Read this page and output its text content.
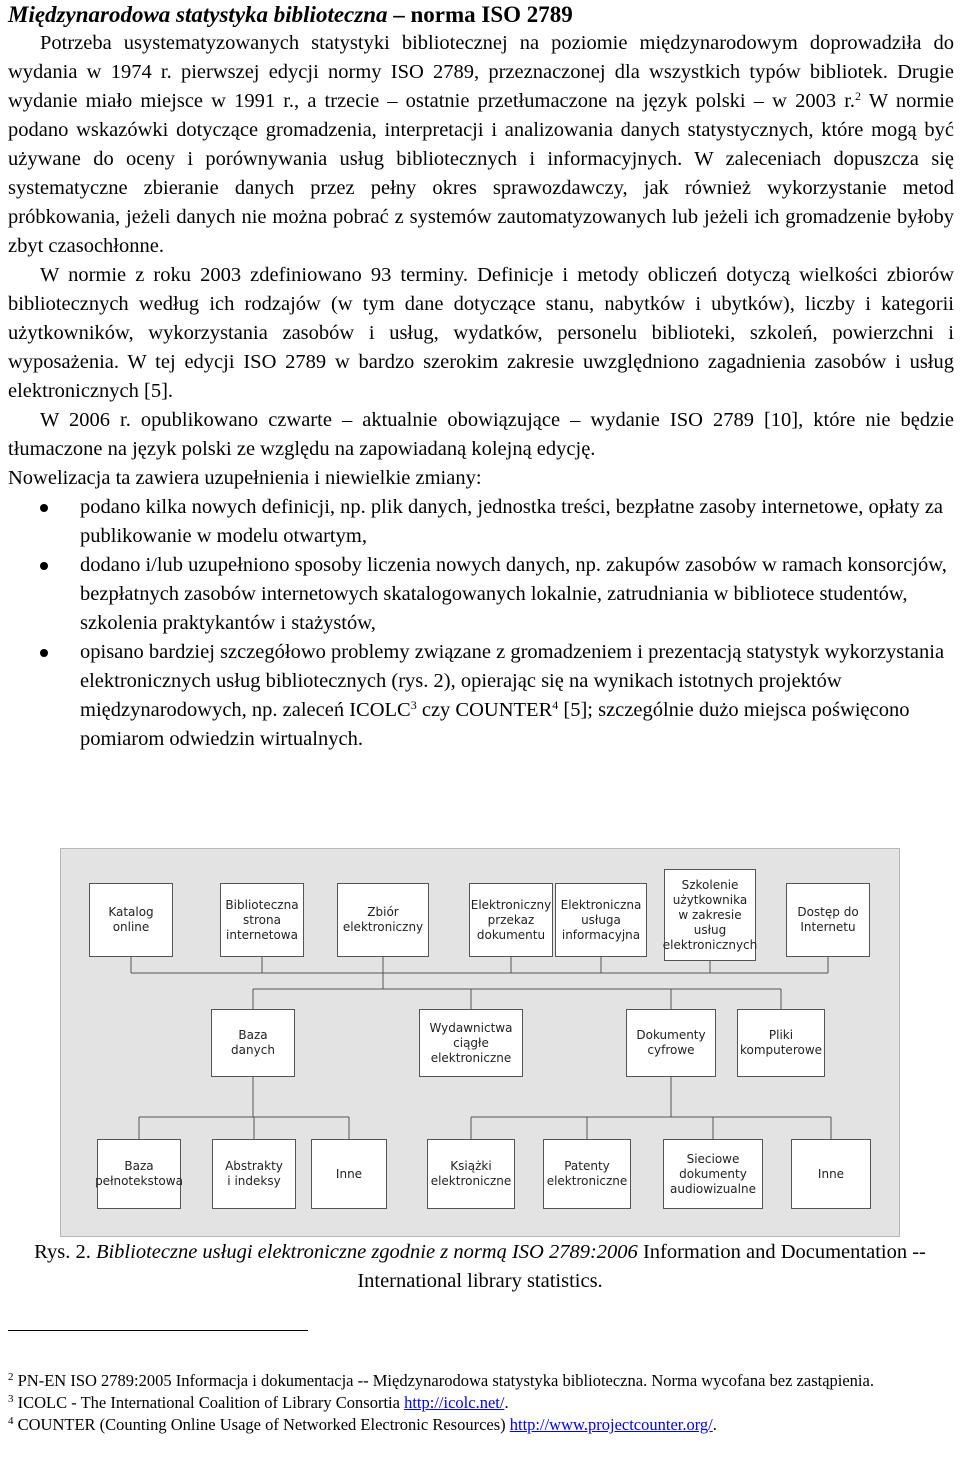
Międzynarodowa statystyka biblioteczna – norma ISO 2789

Potrzeba usystematyzowanych statystyki bibliotecznej na poziomie międzynarodowym doprowadziła do wydania w 1974 r. pierwszej edycji normy ISO 2789, przeznaczonej dla wszystkich typów bibliotek. Drugie wydanie miało miejsce w 1991 r., a trzecie – ostatnie przetłumaczone na język polski – w 2003 r.$^2$ W normie podano wskazówki dotyczące gromadzenia, interpretacji i analizowania danych statystycznych, które mogą być używane do oceny i porównywania usług bibliotecznych i informacyjnych. W zaleceniach dopuszcza się systematyczne zbieranie danych przez pełny okres sprawozdawczy, jak również wykorzystanie metod próbkowania, jeżeli danych nie można pobrać z systemów zautomatyzowanych lub jeżeli ich gromadzenie byłoby zbyt czasochłonne.

W normie z roku 2003 zdefiniowano 93 terminy. Definicje i metody obliczeń dotyczą wielkości zbiorów bibliotecznych według ich rodzajów (w tym dane dotyczące stanu, nabytków i ubytków), liczby i kategorii użytkowników, wykorzystania zasobów i usług, wydatków, personelu biblioteki, szkoleń, powierzchni i wyposażenia. W tej edycji ISO 2789 w bardzo szerokim zakresie uwzględniono zagadnienia zasobów i usług elektronicznych [5].

W 2006 r. opublikowano czwarte – aktualnie obowiązujące – wydanie ISO 2789 [10], które nie będzie tłumaczone na język polski ze względu na zapowiadaną kolejną edycję.

Nowelizacja ta zawiera uzupełnienia i niewielkie zmiany:

podano kilka nowych definicji, np. plik danych, jednostka treści, bezpłatne zasoby internetowe, opłaty za publikowanie w modelu otwartym,
dodano i/lub uzupełniono sposoby liczenia nowych danych, np. zakupów zasobów w ramach konsorcjów, bezpłatnych zasobów internetowych skatalogowanych lokalnie, zatrudniania w bibliotece studentów, szkolenia praktykantów i stażystów,
opisano bardziej szczegółowo problemy związane z gromadzeniem i prezentacją statystyk wykorzystania elektronicznych usług bibliotecznych (rys. 2), opierając się na wynikach istotnych projektów międzynarodowych, np. zaleceń ICOLC$^3$ czy COUNTER$^4$ [5]; szczególnie dużo miejsca poświęcono pomiarom odwiedzin wirtualnych.
Katalog online
Biblioteczna
strona
internetowa
Zbiór
elektroniczny
Elektroniczny
przekaz
dokumentu
Elektroniczna
usługa
informacyjna
Szkolenie
użytkownika
w zakresie
usług
elektronicznych
Dostęp do
Internetu
Baza
danych
Wydawnictwa
ciągłe
elektroniczne
Dokumenty
cyfrowe
Pliki
komputerowe
Baza
pełnotekstowa
Abstrakty
i indeksy
Inne
Książki
elektroniczne
Patenty
elektroniczne
Sieciowe
dokumenty
audiowizualne
Inne
Rys. 2. Biblioteczne usługi elektroniczne zgodnie z normą ISO 2789:2006 Information and Documentation -- International library statistics.
$^2$ PN-EN ISO 2789:2005 Informacja i dokumentacja -- Międzynarodowa statystyka biblioteczna. Norma wycofana bez zastąpienia.
$^3$ ICOLC - The International Coalition of Library Consortia http://icolc.net/.
$^4$ COUNTER (Counting Online Usage of Networked Electronic Resources) http://www.projectcounter.org/.
